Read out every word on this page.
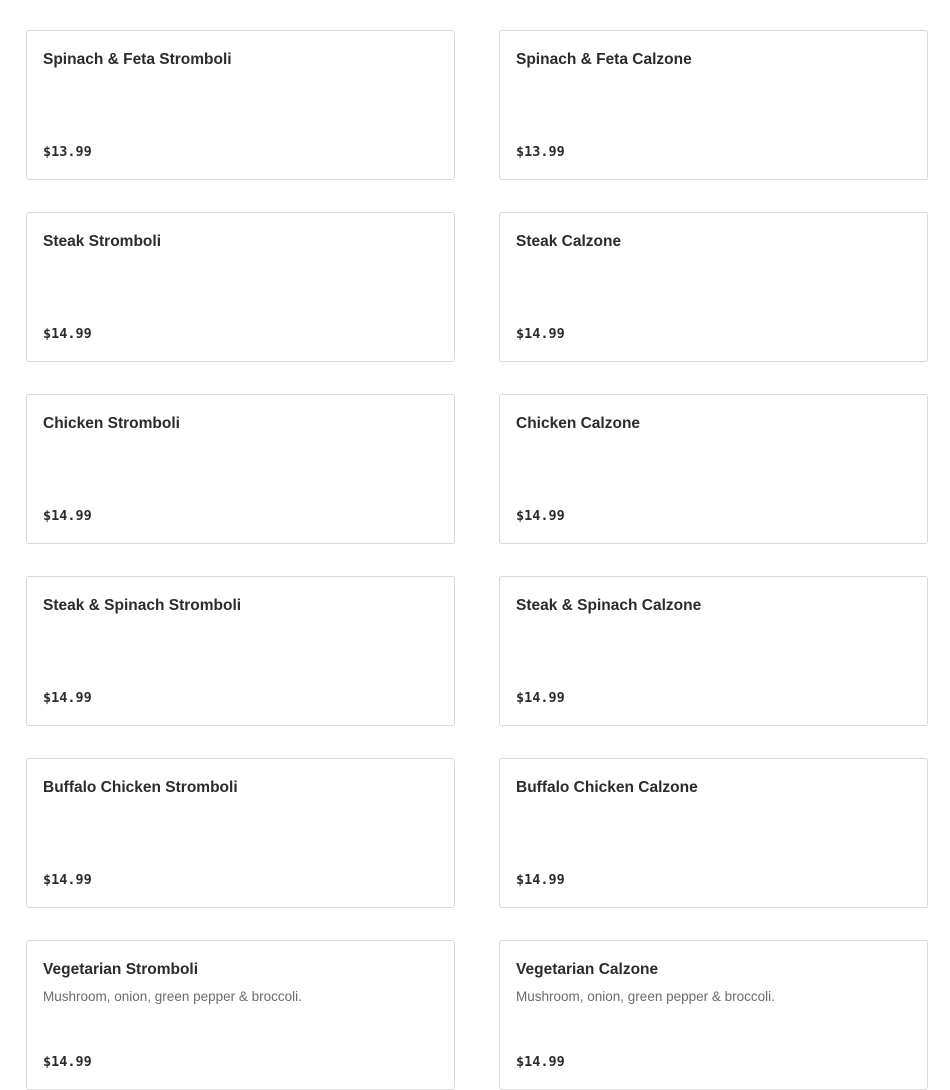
Spinach & Feta Stromboli
$13.99
Spinach & Feta Calzone
$13.99
Steak Stromboli
$14.99
Steak Calzone
$14.99
Chicken Stromboli
$14.99
Chicken Calzone
$14.99
Steak & Spinach Stromboli
$14.99
Steak & Spinach Calzone
$14.99
Buffalo Chicken Stromboli
$14.99
Buffalo Chicken Calzone
$14.99
Vegetarian Stromboli
Mushroom, onion, green pepper & broccoli.
$14.99
Vegetarian Calzone
Mushroom, onion, green pepper & broccoli.
$14.99
